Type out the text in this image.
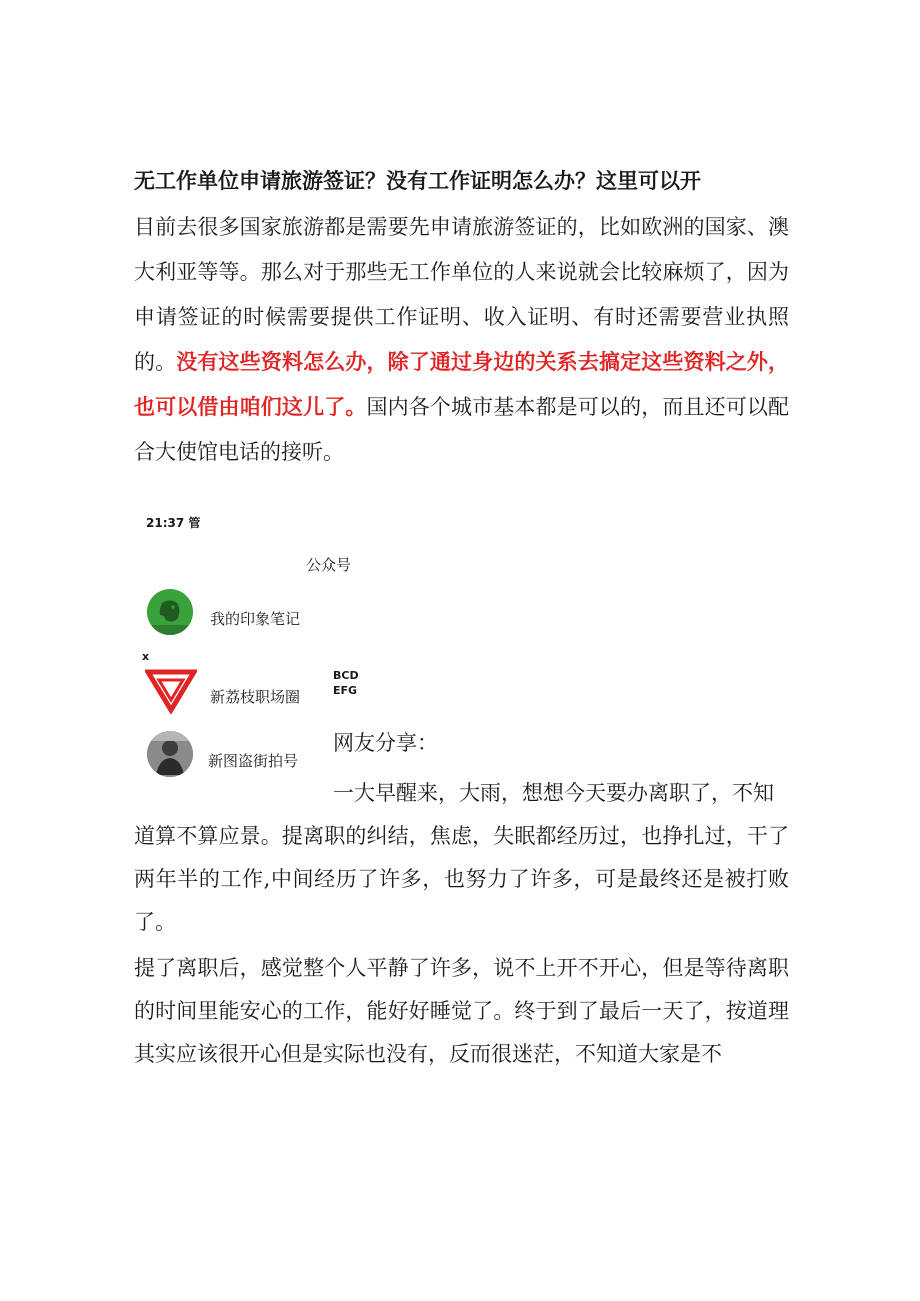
无工作单位申请旅游签证？没有工作证明怎么办？这里可以开
目前去很多国家旅游都是需要先申请旅游签证的，比如欧洲的国家、澳大利亚等等。那么对于那些无工作单位的人来说就会比较麻烦了，因为申请签证的时候需要提供工作证明、收入证明、有时还需要营业执照的。没有这些资料怎么办，除了通过身边的关系去搞定这些资料之外，也可以借由咱们这儿了。国内各个城市基本都是可以的，而且还可以配合大使馆电话的接听。
21:37 管
公众号
我的印象笔记
x
新荔枝职场圈
BCD
EFG
新图盗街拍号
网友分享：
一大早醒来，大雨，想想今天要办离职了，不知
道算不算应景。提离职的纠结，焦虑，失眠都经历过，也挣扎过，干了两年半的工作,中间经历了许多，也努力了许多，可是最终还是被打败了。
提了离职后，感觉整个人平静了许多，说不上开不开心，但是等待离职的时间里能安心的工作，能好好睡觉了。终于到了最后一天了，按道理其实应该很开心但是实际也没有，反而很迷茫，不知道大家是不
